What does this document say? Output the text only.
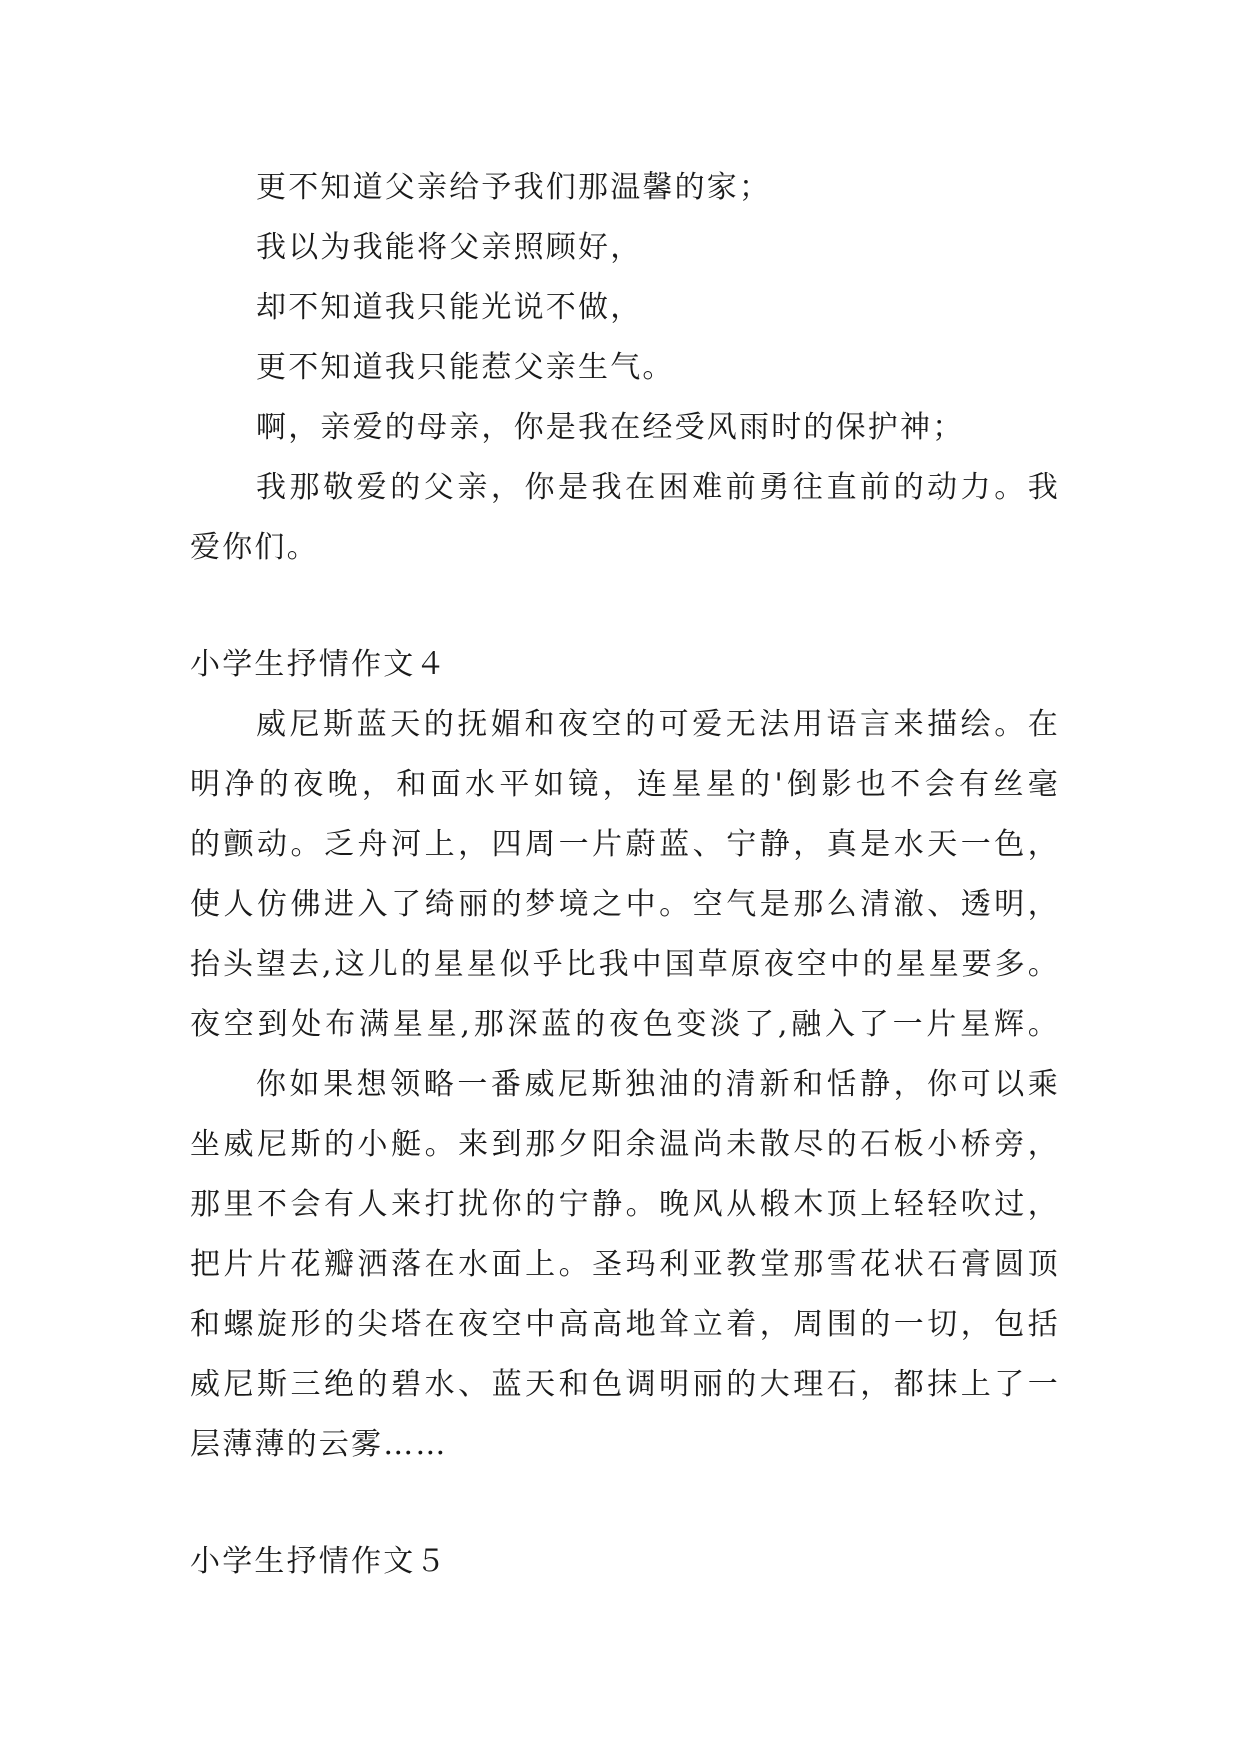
更不知道父亲给予我们那温馨的家；
我以为我能将父亲照顾好，
却不知道我只能光说不做，
更不知道我只能惹父亲生气。
啊，亲爱的母亲，你是我在经受风雨时的保护神；
我那敬爱的父亲，你是我在困难前勇往直前的动力。我
爱你们。
小学生抒情作文４
威尼斯蓝天的抚媚和夜空的可爱无法用语言来描绘。在
明净的夜晚，和面水平如镜，连星星的'倒影也不会有丝毫
的颤动。乏舟河上，四周一片蔚蓝、宁静，真是水天一色，
使人仿佛进入了绮丽的梦境之中。空气是那么清澈、透明，
抬头望去,这儿的星星似乎比我中国草原夜空中的星星要多。
夜空到处布满星星,那深蓝的夜色变淡了,融入了一片星辉。
你如果想领略一番威尼斯独油的清新和恬静，你可以乘
坐威尼斯的小艇。来到那夕阳余温尚未散尽的石板小桥旁，
那里不会有人来打扰你的宁静。晚风从椴木顶上轻轻吹过，
把片片花瓣洒落在水面上。圣玛利亚教堂那雪花状石膏圆顶
和螺旋形的尖塔在夜空中高高地耸立着，周围的一切，包括
威尼斯三绝的碧水、蓝天和色调明丽的大理石，都抹上了一
层薄薄的云雾……
小学生抒情作文５
